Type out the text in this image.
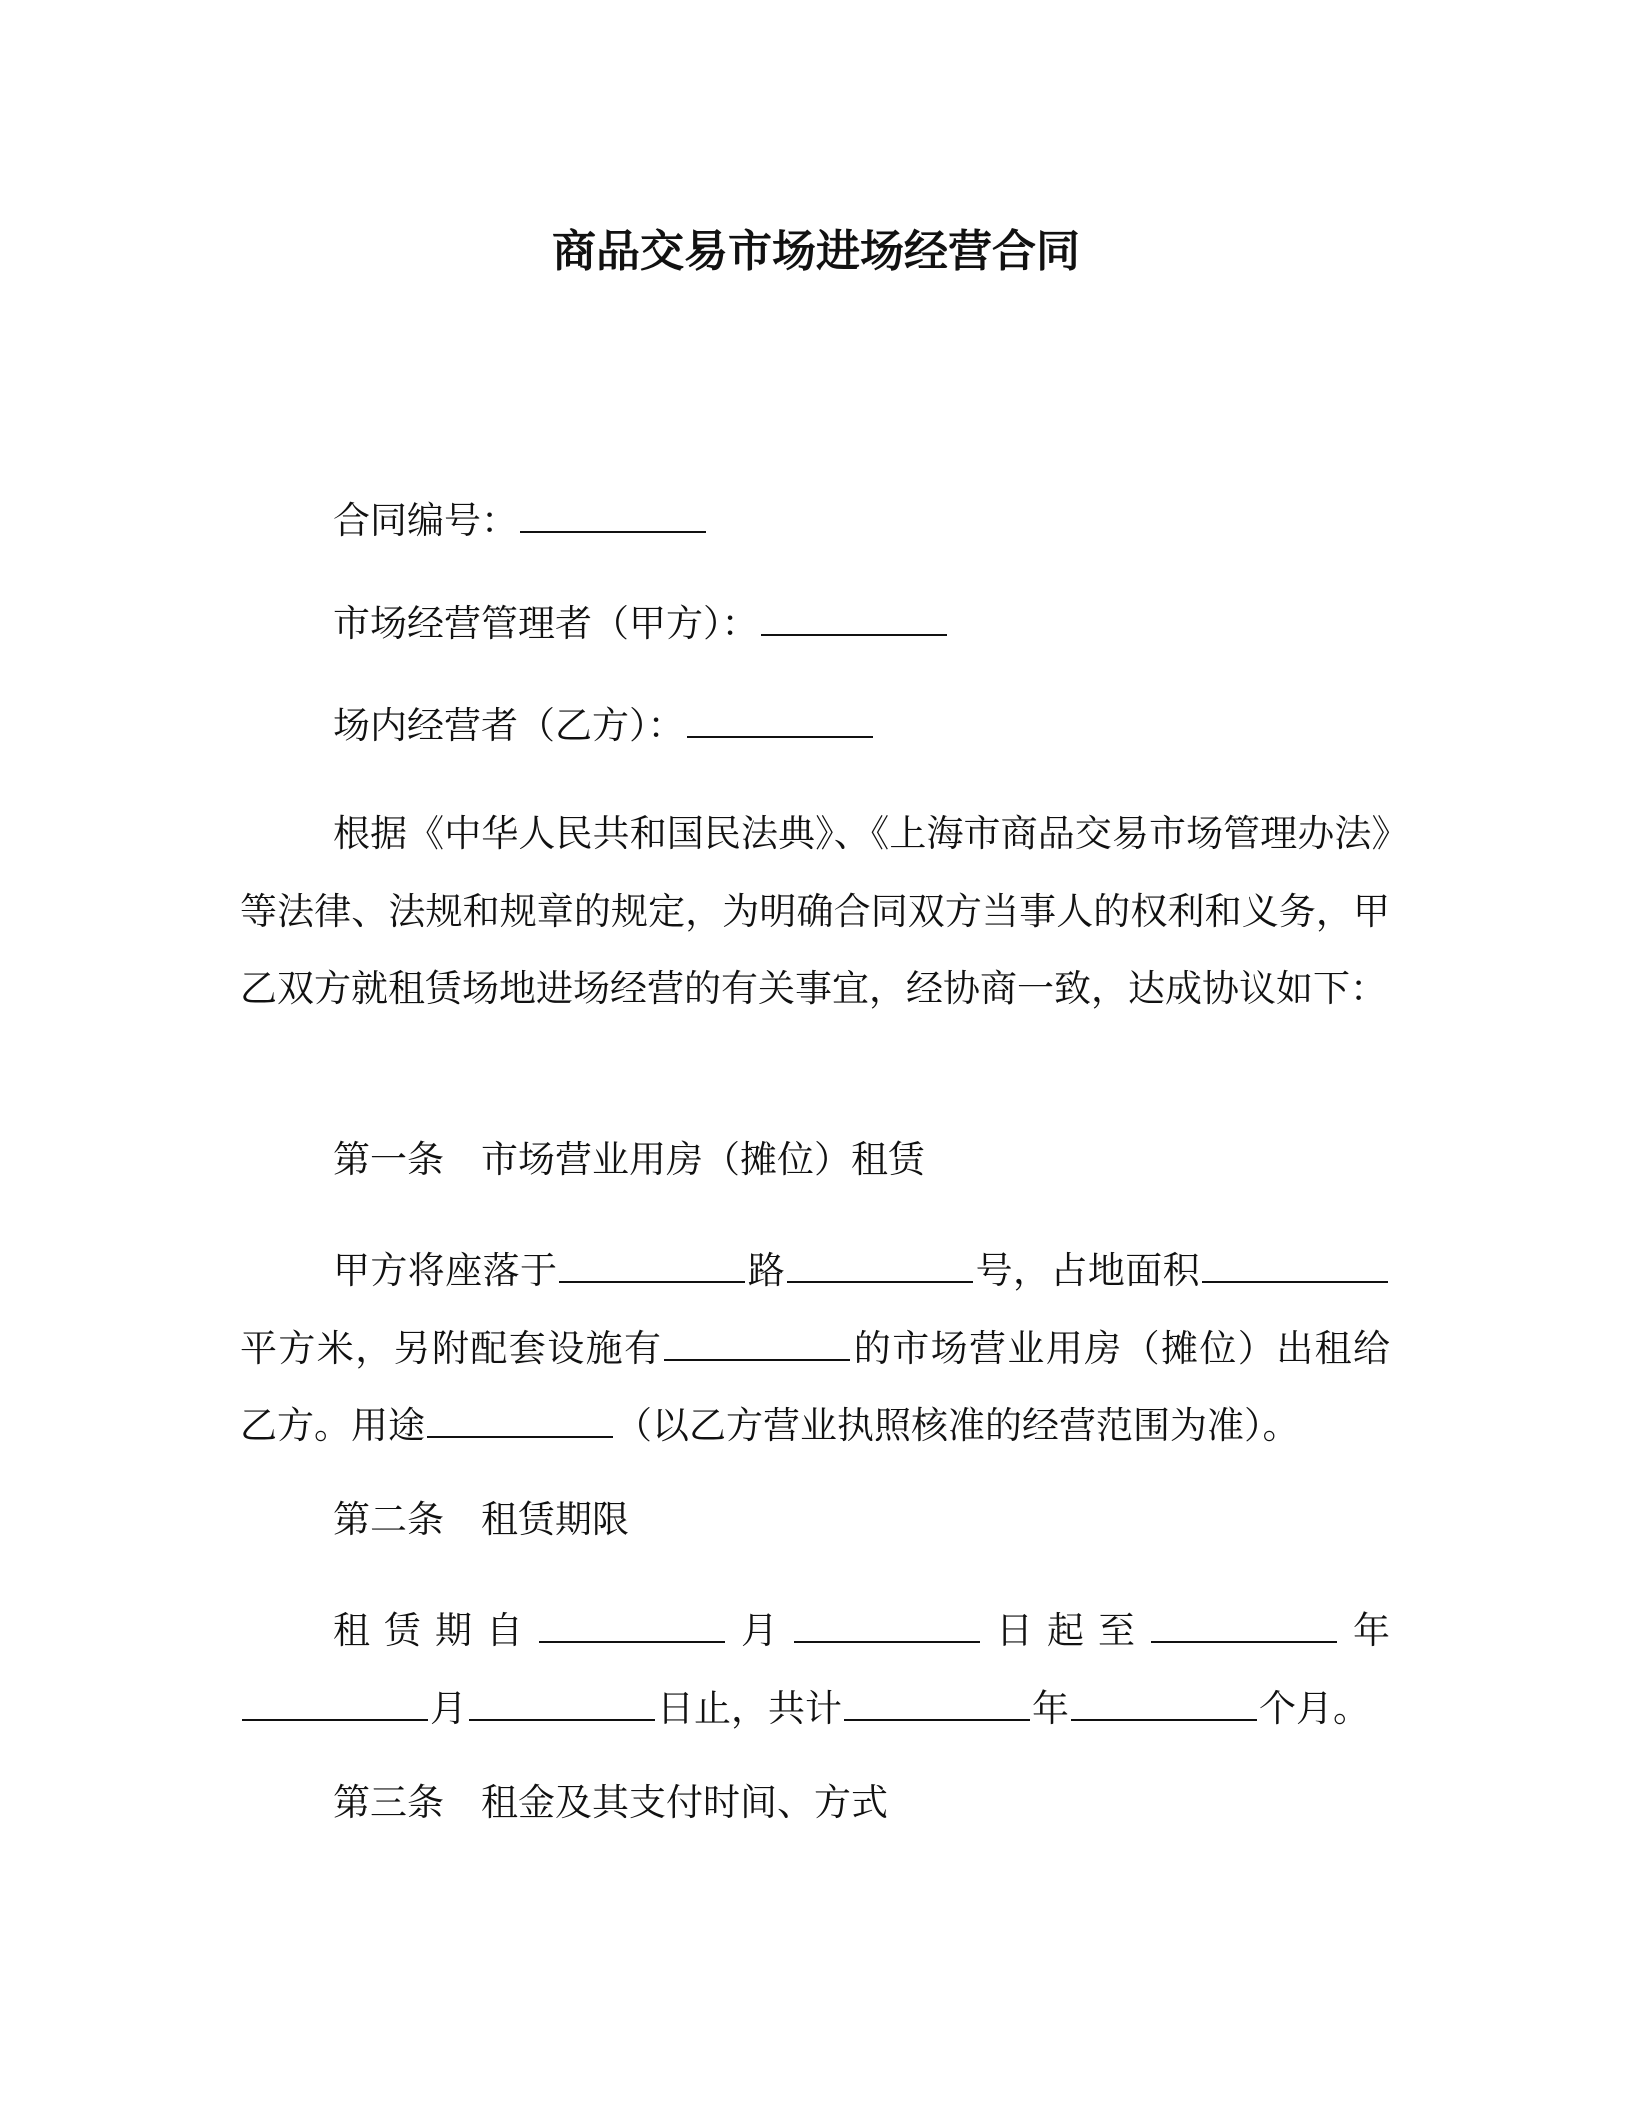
商品交易市场进场经营合同
合同编号：
市场经营管理者（甲方）：
场内经营者（乙方）：
根据《中华人民共和国民法典》、《上海市商品交易市场管理办法》等法律、法规和规章的规定，为明确合同双方当事人的权利和义务，甲乙双方就租赁场地进场经营的有关事宜，经协商一致，达成协议如下：
第一条　市场营业用房（摊位）租赁
甲方将座落于	路	号，占地面积平方米，另附配套设施有	的市场营业用房（摊位）出租给乙方。用途	（以乙方营业执照核准的经营范围为准）。
第二条　租赁期限
租赁期自	月	日起至	年月	日止，共计	年	个月。
第三条　租金及其支付时间、方式
